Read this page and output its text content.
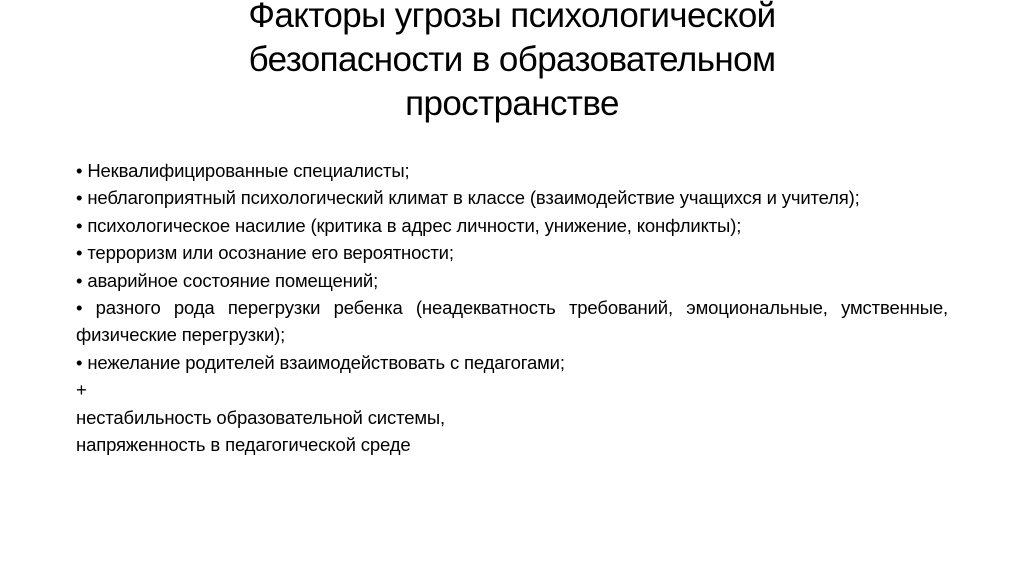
Факторы угрозы психологической
безопасности в образовательном
пространстве
• Неквалифицированные специалисты;
• неблагоприятный психологический климат в классе (взаимодействие учащихся и учителя);
• психологическое насилие (критика в адрес личности, унижение, конфликты);
• терроризм или осознание его вероятности;
• аварийное состояние помещений;
• разного рода перегрузки ребенка (неадекватность требований, эмоциональные, умственные, физические перегрузки);
• нежелание родителей взаимодействовать с педагогами;
+
нестабильность образовательной системы,
напряженность в педагогической среде
